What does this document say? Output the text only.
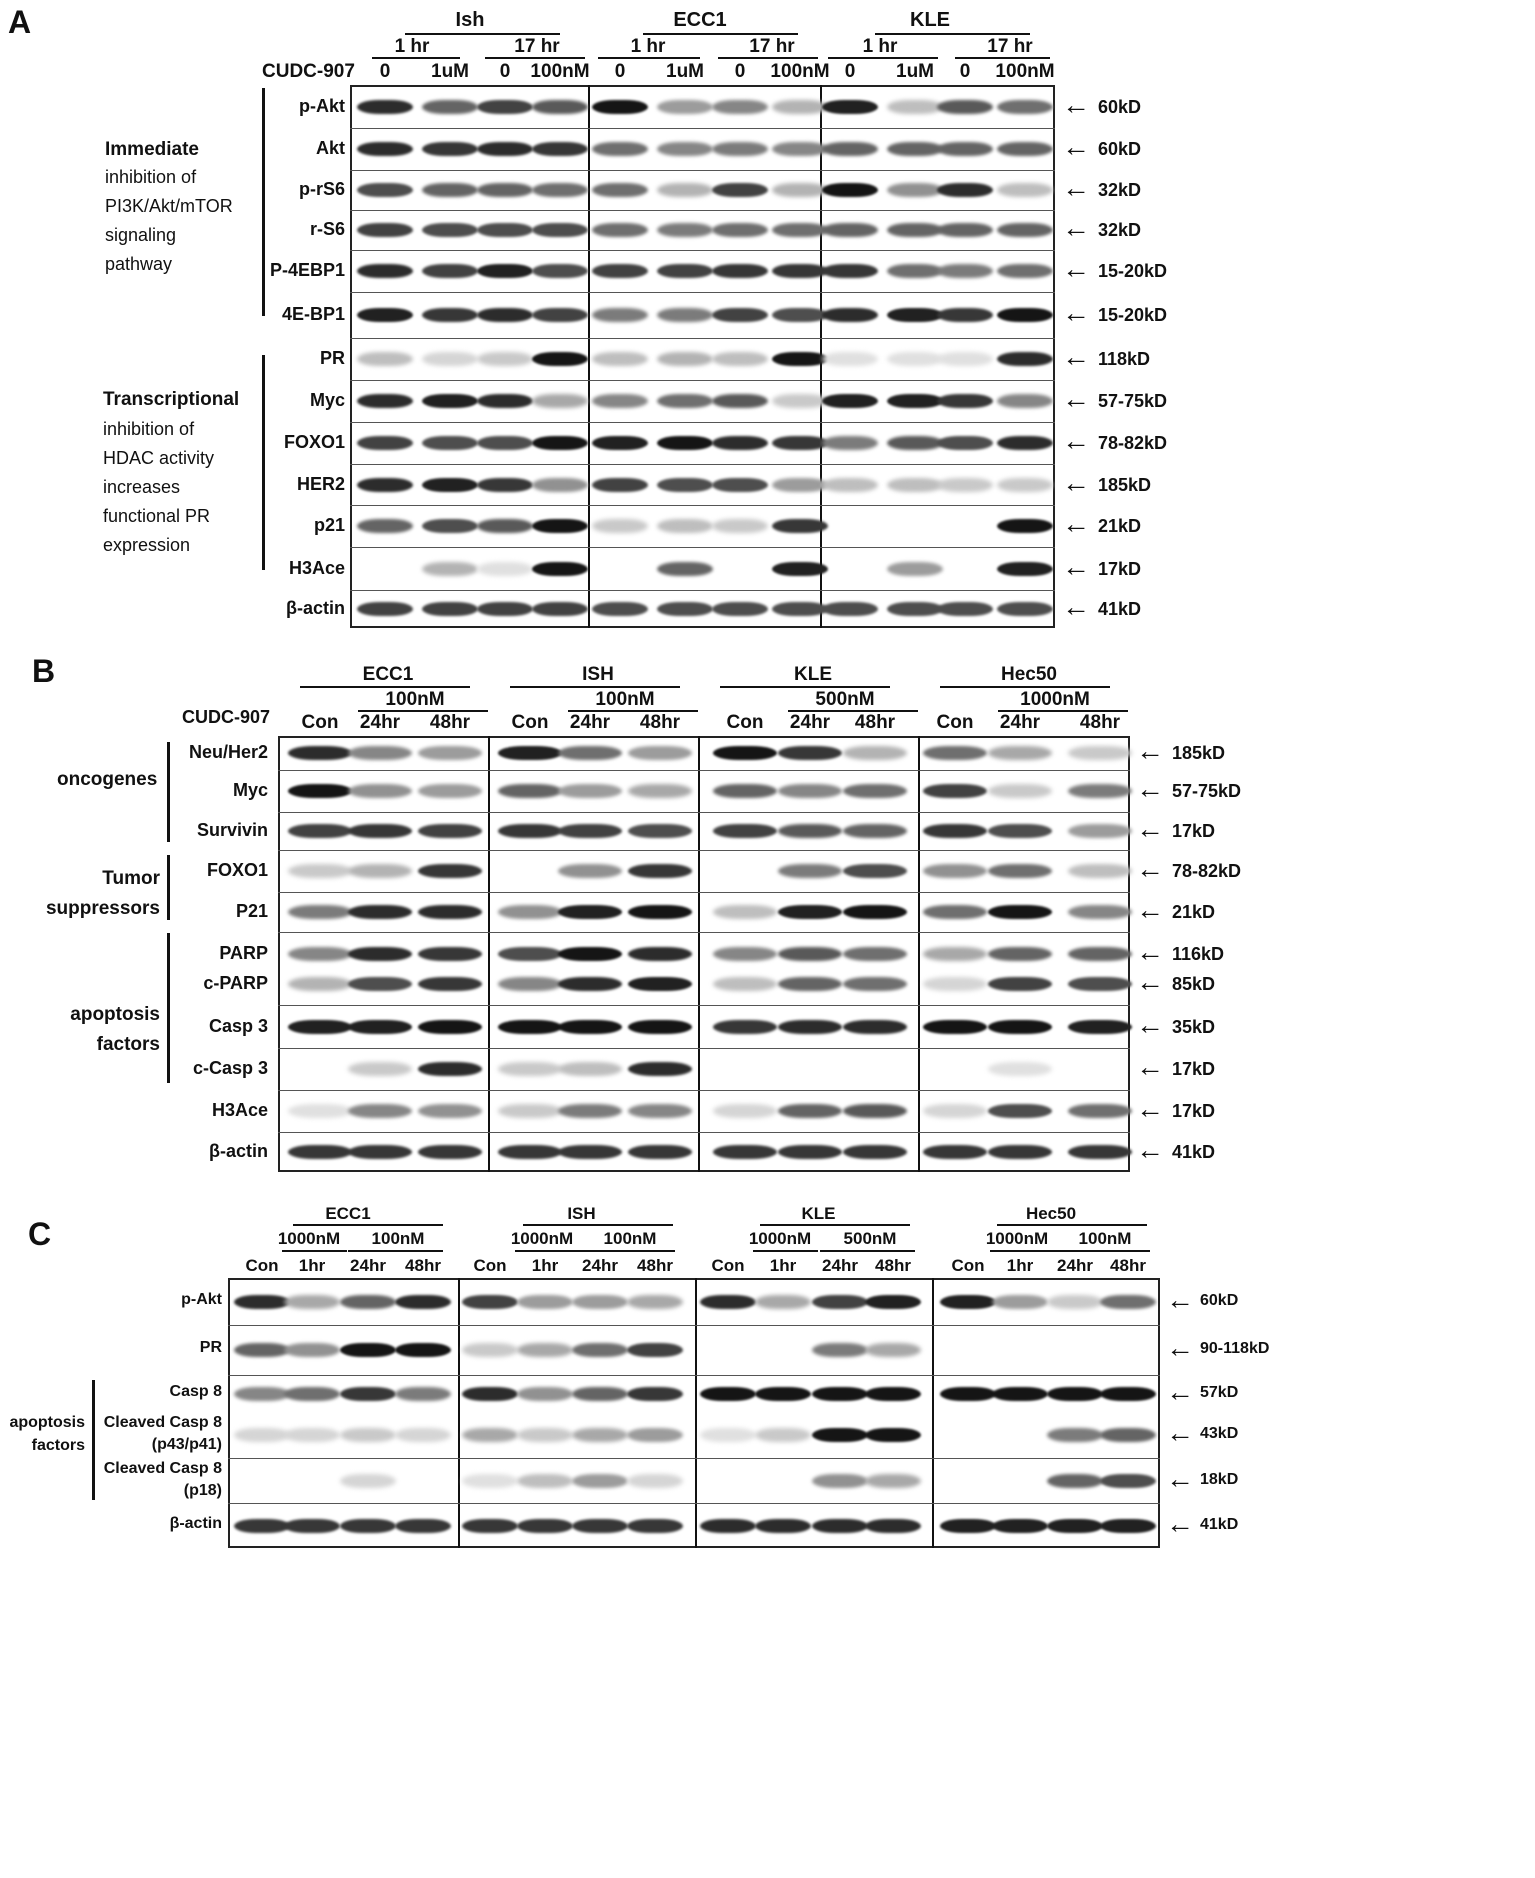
A	Ish
1 hr	17 hr
0 1uM 0 100nM
ECC1
1 hr	17 hr
0 1uM 0 100nM
KLE
1 hr	17 hr
0 1uM 0 100nM
CUDC-907
p-Akt	← 60kD
Akt	← 60kD
p-rS6	← 32kD
r-S6	← 32kD
P-4EBP1	← 15-20kD
4E-BP1	← 15-20kD
PR	← 118kD
Myc	← 57-75kD
FOXO1	← 78-82kD
HER2	← 185kD
p21	← 21kD
H3Ace	← 17kD
β-actin	← 41kD
Immediate
inhibition of
PI3K/Akt/mTOR
signaling
pathway
Transcriptional
inhibition of
HDAC activity
increases
functional PR
expression
B	ECC1
100nM
Con 24hr 48hr
ISH
100nM
Con 24hr 48hr
KLE
500nM
Con 24hr 48hr
Hec50
1000nM
Con 24hr 48hr
CUDC-907
Neu/Her2	← 185kD
Myc	← 57-75kD
Survivin	← 17kD
FOXO1	← 78-82kD
P21	← 21kD
PARP	← 116kD
c-PARP	← 85kD
Casp 3	← 35kD
c-Casp 3	← 17kD
H3Ace	← 17kD
β-actin	← 41kD
oncogenes
Tumor
suppressors
apoptosis
factors
C
ECC1
1000nM 100nM
Con 1hr 24hr 48hr
ISH
1000nM 100nM
Con 1hr 24hr 48hr
KLE
1000nM 500nM
Con 1hr 24hr 48hr
Hec50
1000nM 100nM
Con 1hr 24hr 48hr
p-Akt	← 60kD
PR	← 90-118kD
Casp 8	← 57kD
Cleaved Casp 8
(p43/p41)	← 43kD
Cleaved Casp 8
(p18)	← 18kD
β-actin	← 41kD
apoptosis
factors
